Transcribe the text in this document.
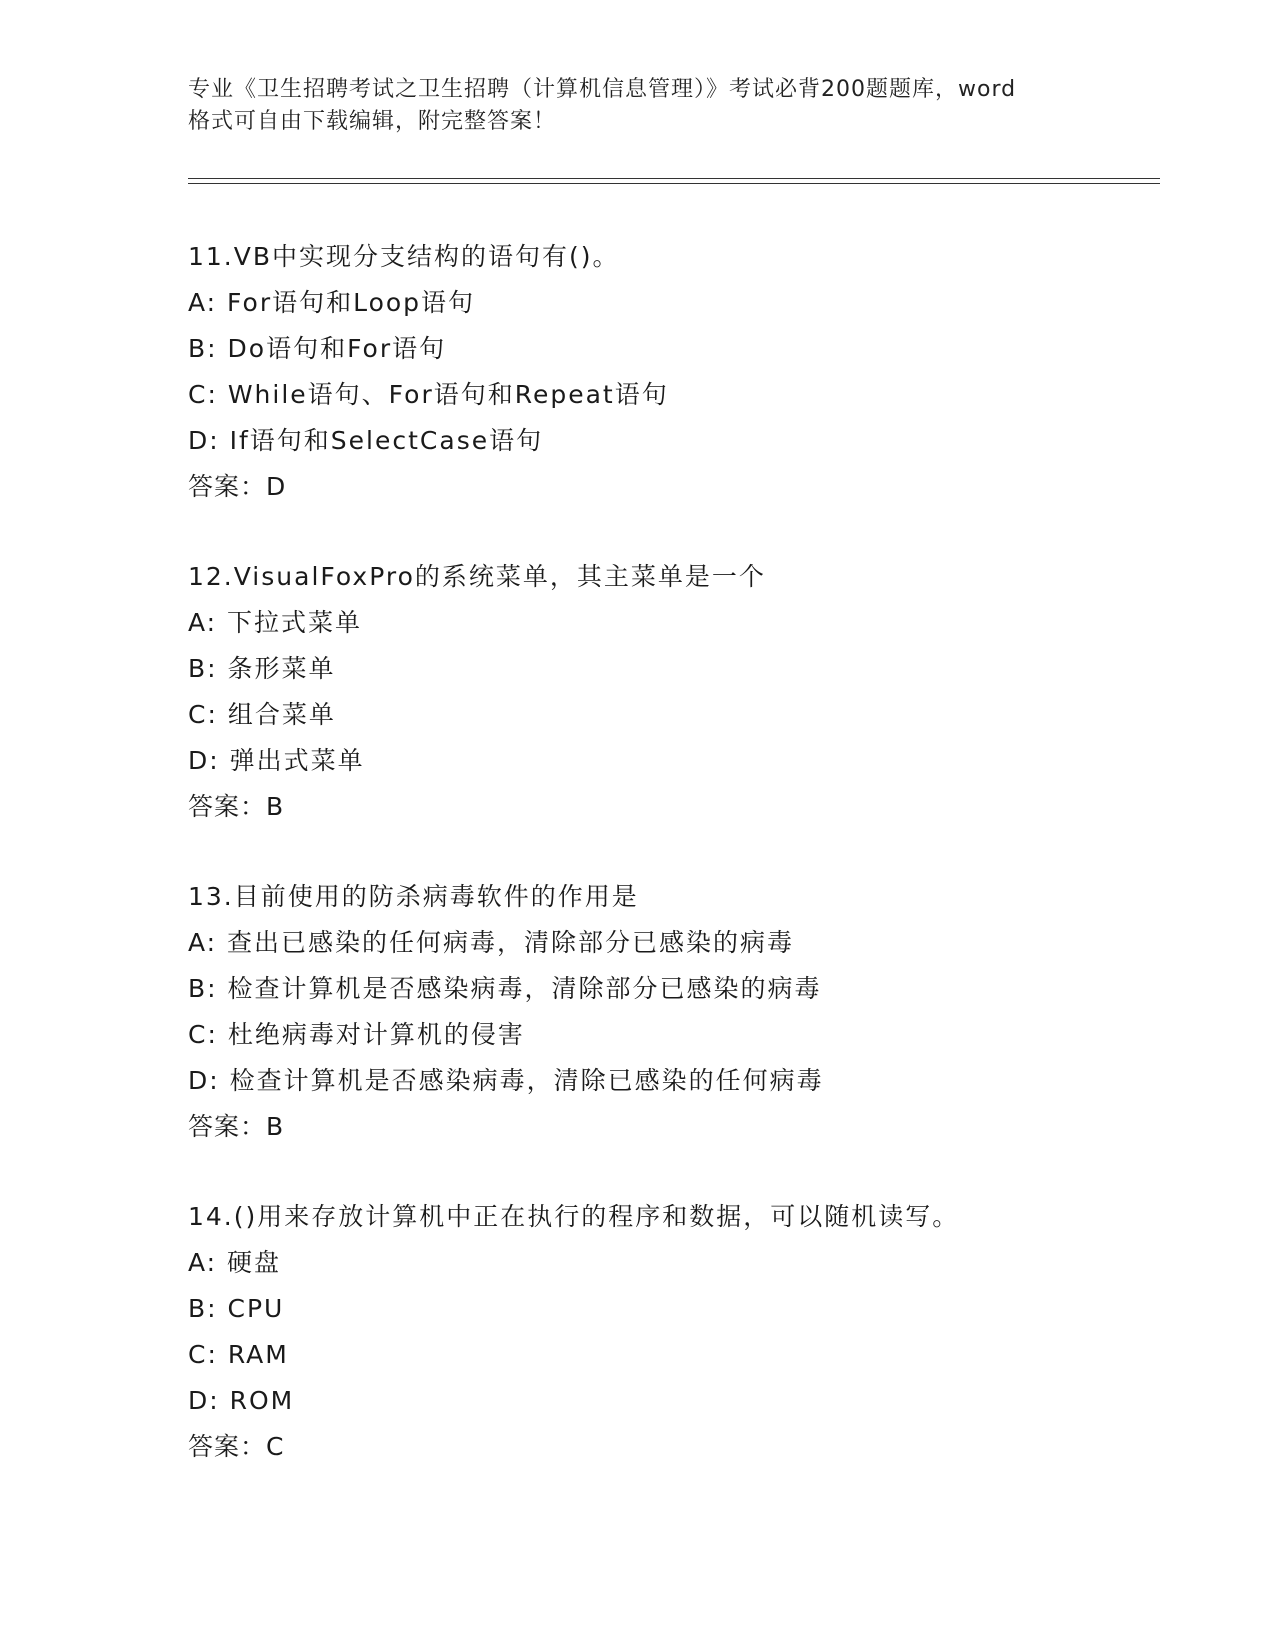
专业《卫生招聘考试之卫生招聘（计算机信息管理）》考试必背200题题库，word
格式可自由下载编辑，附完整答案！
11.VB中实现分支结构的语句有()。
A: For语句和Loop语句
B: Do语句和For语句
C: While语句、For语句和Repeat语句
D: If语句和SelectCase语句
答案：D
12.VisualFoxPro的系统菜单，其主菜单是一个
A: 下拉式菜单
B: 条形菜单
C: 组合菜单
D: 弹出式菜单
答案：B
13.目前使用的防杀病毒软件的作用是
A: 查出已感染的任何病毒，清除部分已感染的病毒
B: 检查计算机是否感染病毒，清除部分已感染的病毒
C: 杜绝病毒对计算机的侵害
D: 检查计算机是否感染病毒，清除已感染的任何病毒
答案：B
14.()用来存放计算机中正在执行的程序和数据，可以随机读写。
A: 硬盘
B: CPU
C: RAM
D: ROM
答案：C
